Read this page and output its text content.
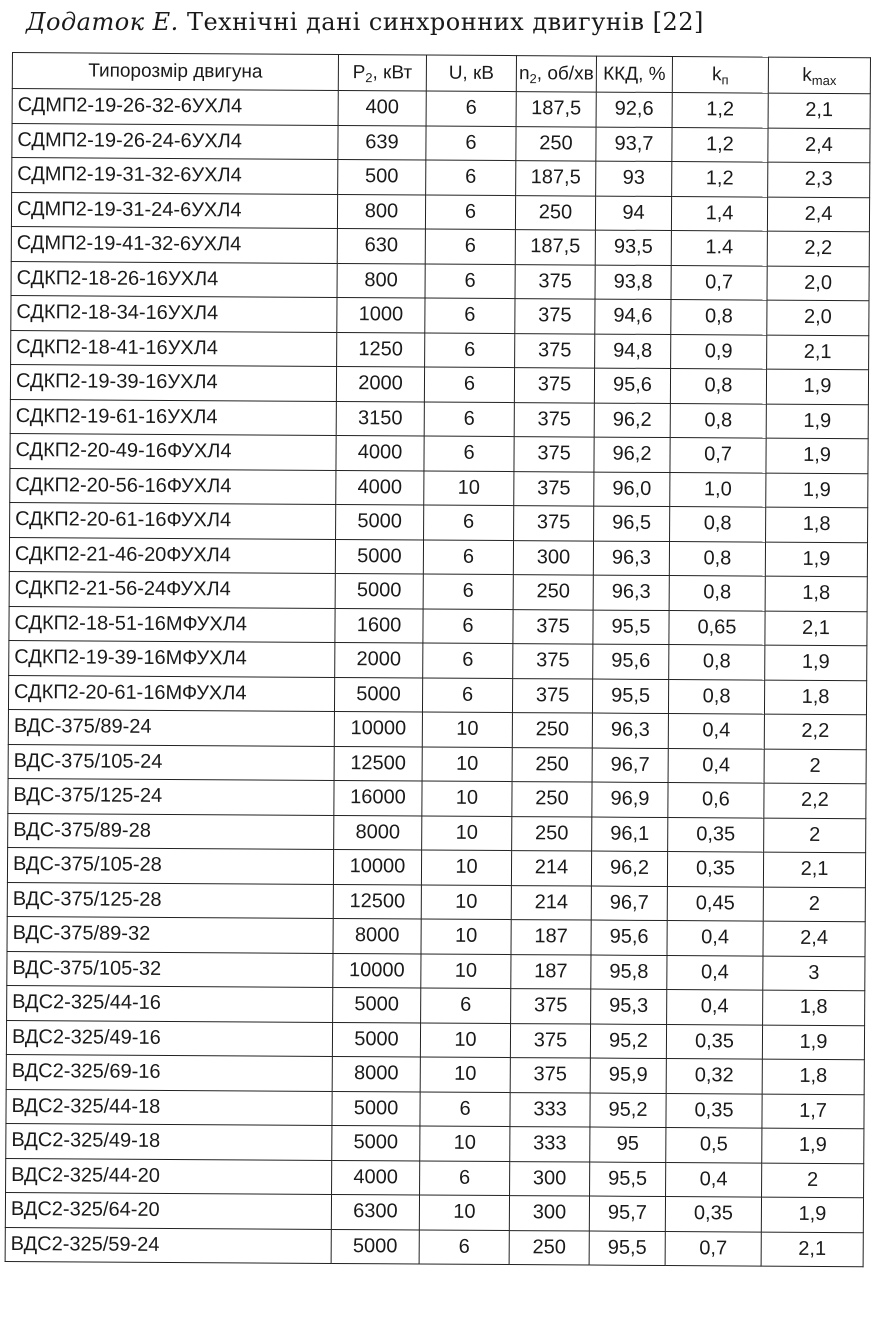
Додаток Е. Технічні дані синхронних двигунів [22]
Типорозмір двигуна	$P_2$, кВт	U, кВ	$n_2$, об/хв	ККД, %	$k_п$	$k_{max}$
СДМП2-19-26-32-6УХЛ4	400	6	187,5	92,6	1,2	2,1
СДМП2-19-26-24-6УХЛ4	639	6	250	93,7	1,2	2,4
СДМП2-19-31-32-6УХЛ4	500	6	187,5	93	1,2	2,3
СДМП2-19-31-24-6УХЛ4	800	6	250	94	1,4	2,4
СДМП2-19-41-32-6УХЛ4	630	6	187,5	93,5	1.4	2,2
СДКП2-18-26-16УХЛ4	800	6	375	93,8	0,7	2,0
СДКП2-18-34-16УХЛ4	1000	6	375	94,6	0,8	2,0
СДКП2-18-41-16УХЛ4	1250	6	375	94,8	0,9	2,1
СДКП2-19-39-16УХЛ4	2000	6	375	95,6	0,8	1,9
СДКП2-19-61-16УХЛ4	3150	6	375	96,2	0,8	1,9
СДКП2-20-49-16ФУХЛ4	4000	6	375	96,2	0,7	1,9
СДКП2-20-56-16ФУХЛ4	4000	10	375	96,0	1,0	1,9
СДКП2-20-61-16ФУХЛ4	5000	6	375	96,5	0,8	1,8
СДКП2-21-46-20ФУХЛ4	5000	6	300	96,3	0,8	1,9
СДКП2-21-56-24ФУХЛ4	5000	6	250	96,3	0,8	1,8
СДКП2-18-51-16МФУХЛ4	1600	6	375	95,5	0,65	2,1
СДКП2-19-39-16МФУХЛ4	2000	6	375	95,6	0,8	1,9
СДКП2-20-61-16МФУХЛ4	5000	6	375	95,5	0,8	1,8
ВДС-375/89-24	10000	10	250	96,3	0,4	2,2
ВДС-375/105-24	12500	10	250	96,7	0,4	2
ВДС-375/125-24	16000	10	250	96,9	0,6	2,2
ВДС-375/89-28	8000	10	250	96,1	0,35	2
ВДС-375/105-28	10000	10	214	96,2	0,35	2,1
ВДС-375/125-28	12500	10	214	96,7	0,45	2
ВДС-375/89-32	8000	10	187	95,6	0,4	2,4
ВДС-375/105-32	10000	10	187	95,8	0,4	3
ВДС2-325/44-16	5000	6	375	95,3	0,4	1,8
ВДС2-325/49-16	5000	10	375	95,2	0,35	1,9
ВДС2-325/69-16	8000	10	375	95,9	0,32	1,8
ВДС2-325/44-18	5000	6	333	95,2	0,35	1,7
ВДС2-325/49-18	5000	10	333	95	0,5	1,9
ВДС2-325/44-20	4000	6	300	95,5	0,4	2
ВДС2-325/64-20	6300	10	300	95,7	0,35	1,9
ВДС2-325/59-24	5000	6	250	95,5	0,7	2,1
